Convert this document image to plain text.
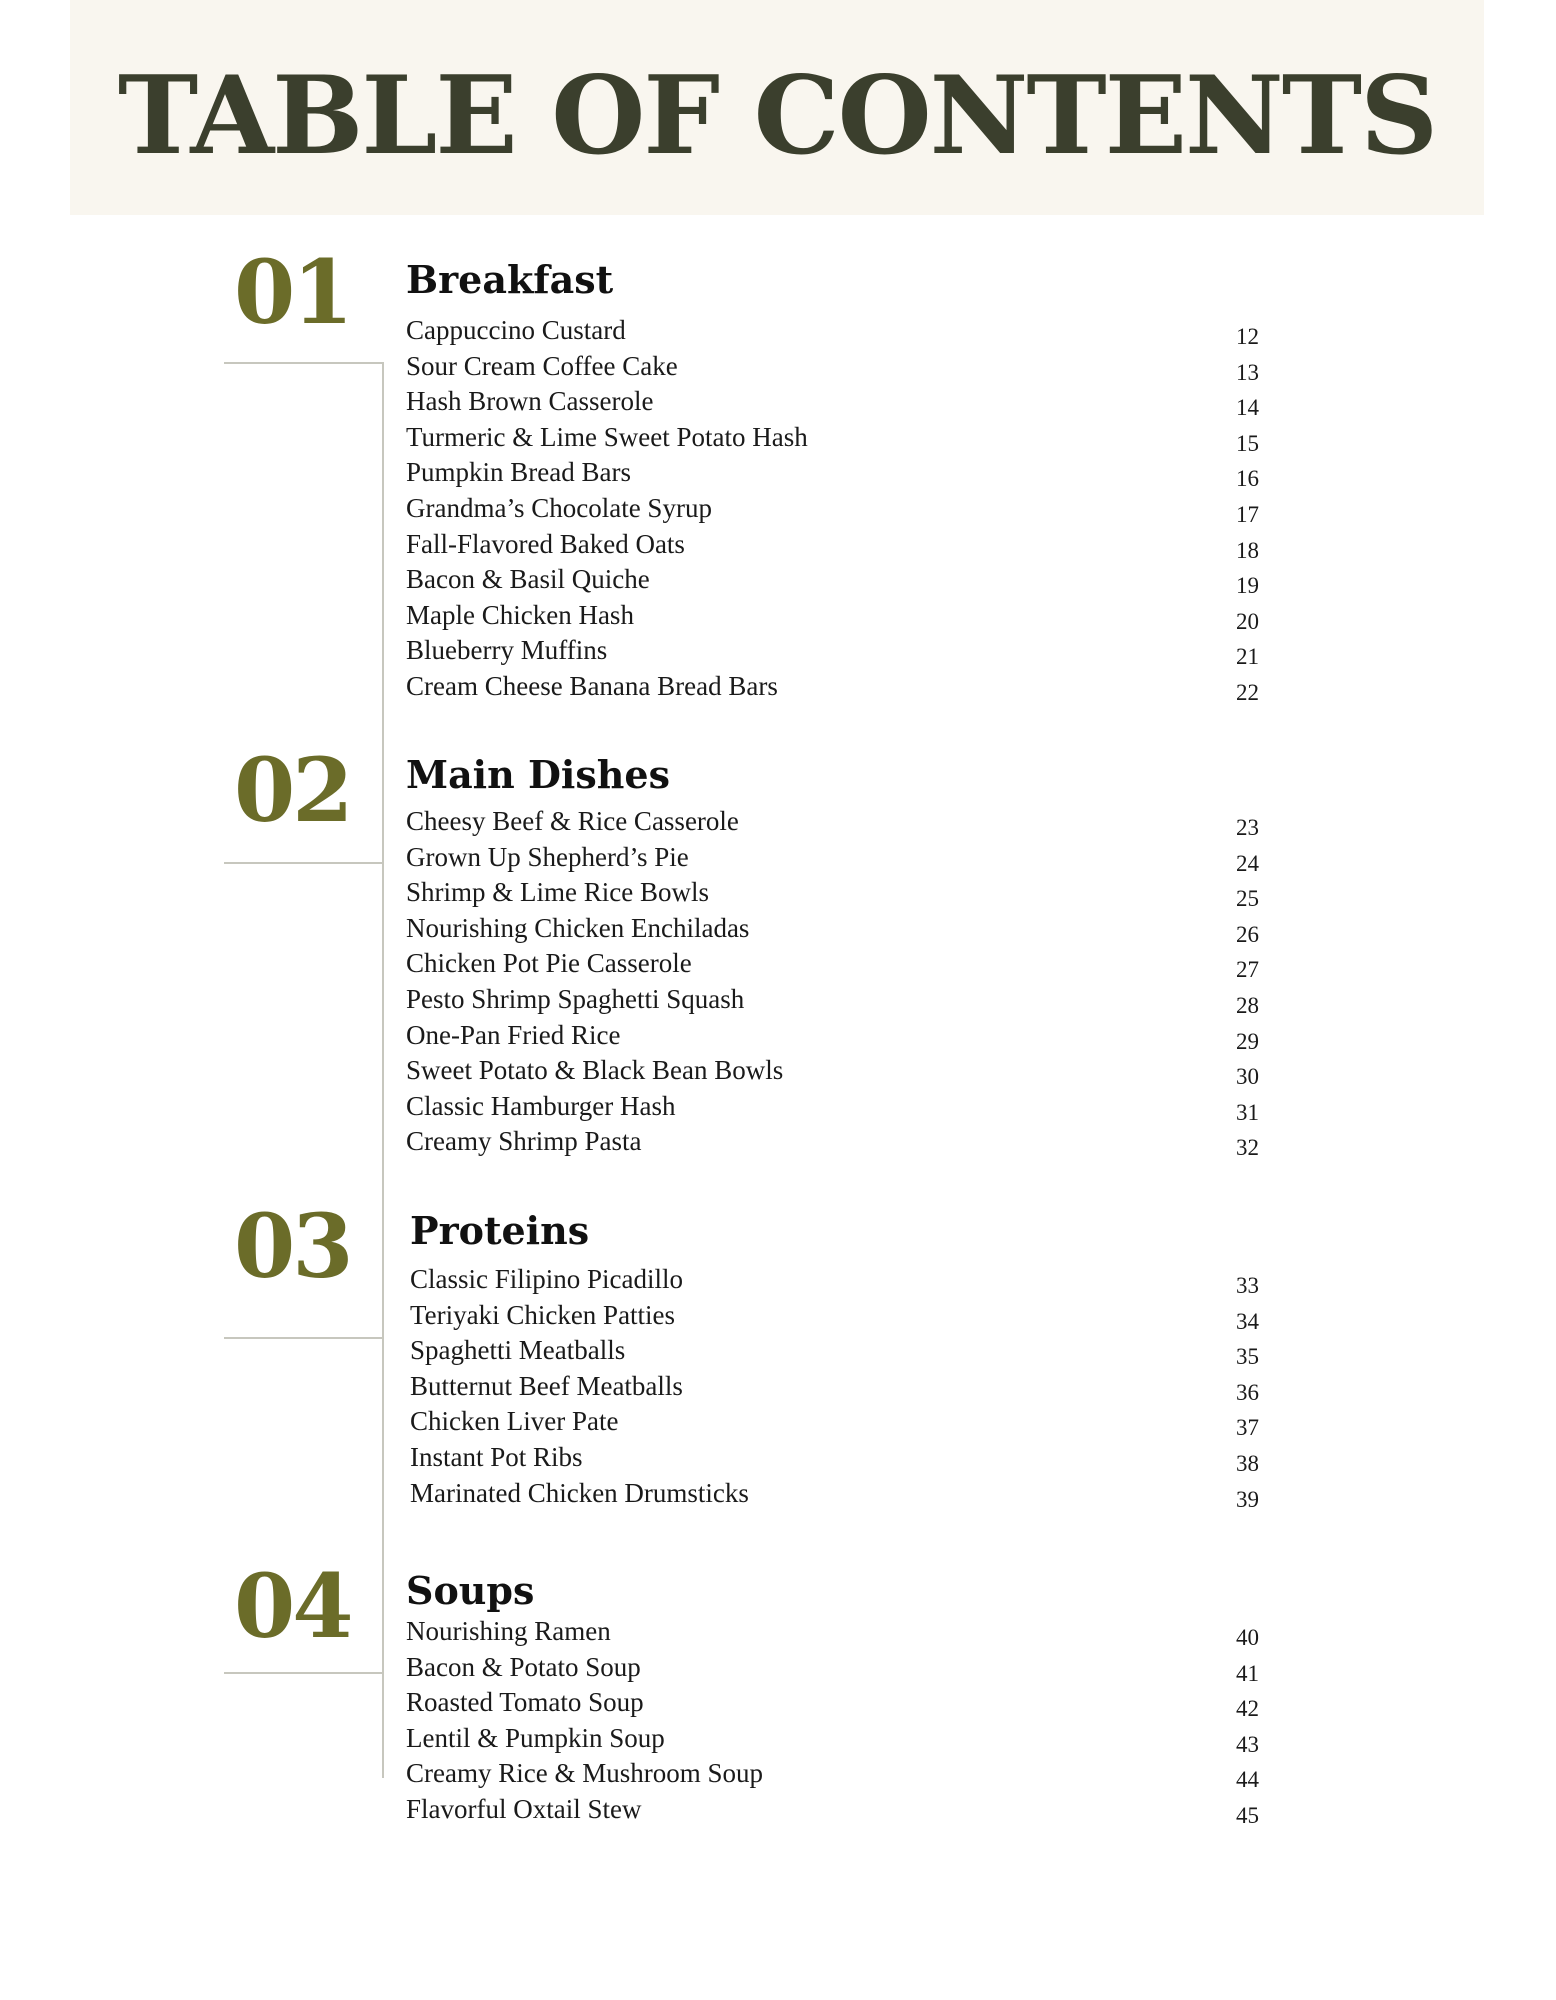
TABLE OF CONTENTS
01 Breakfast
Cappuccino Custard	12
Sour Cream Coffee Cake	13
Hash Brown Casserole	14
Turmeric & Lime Sweet Potato Hash	15
Pumpkin Bread Bars	16
Grandma’s Chocolate Syrup	17
Fall-Flavored Baked Oats	18
Bacon & Basil Quiche	19
Maple Chicken Hash	20
Blueberry Muffins	21
Cream Cheese Banana Bread Bars	22
02 Main Dishes
Cheesy Beef & Rice Casserole	23
Grown Up Shepherd’s Pie	24
Shrimp & Lime Rice Bowls	25
Nourishing Chicken Enchiladas	26
Chicken Pot Pie Casserole	27
Pesto Shrimp Spaghetti Squash	28
One-Pan Fried Rice	29
Sweet Potato & Black Bean Bowls	30
Classic Hamburger Hash	31
Creamy Shrimp Pasta	32
03 Proteins
Classic Filipino Picadillo	33
Teriyaki Chicken Patties	34
Spaghetti Meatballs	35
Butternut Beef Meatballs	36
Chicken Liver Pate	37
Instant Pot Ribs	38
Marinated Chicken Drumsticks	39
04 Soups
Nourishing Ramen	40
Bacon & Potato Soup	41
Roasted Tomato Soup	42
Lentil & Pumpkin Soup	43
Creamy Rice & Mushroom Soup	44
Flavorful Oxtail Stew	45
